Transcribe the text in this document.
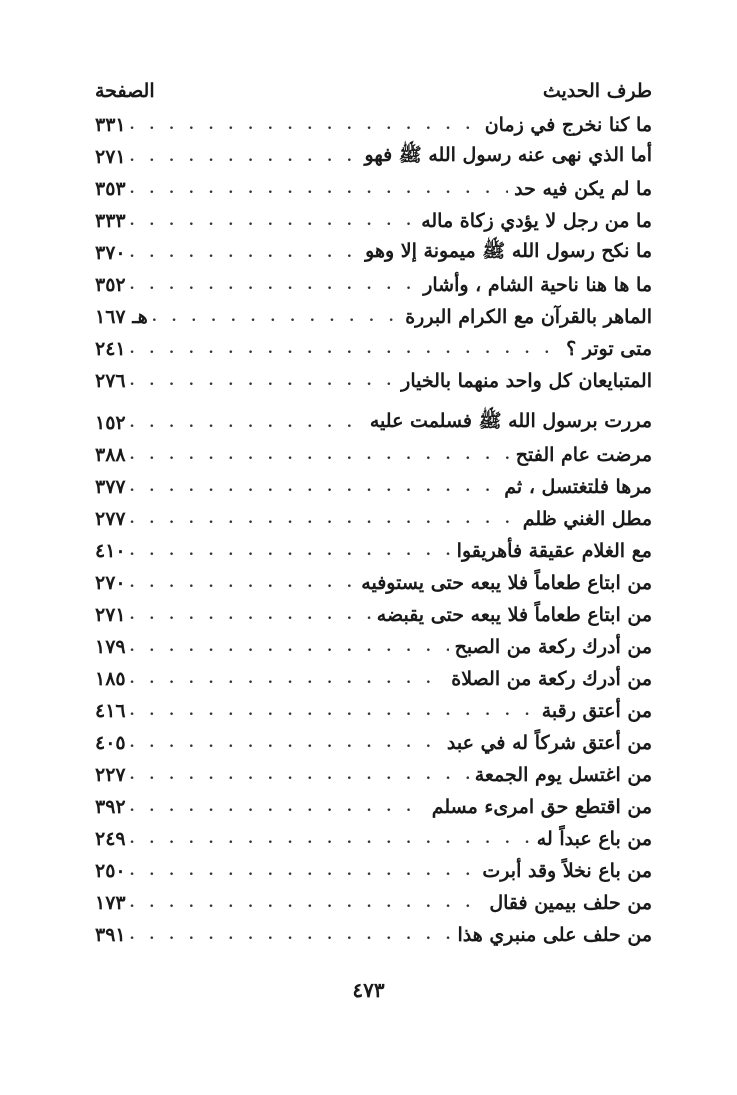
طرف الحديث
الصفحة
ما كنا نخرج في زمان
. . .
٣٣١
أما الذي نهى عنه رسول الله ﷺ فهو
. . .
٢٧١
ما لم يكن فيه حد
. . .
٣٥٣
ما من رجل لا يؤدي زكاة ماله
. . .
٣٣٣
ما نكح رسول الله ﷺ ميمونة إلا وهو
. . .
٣٧٠
ما ها هنا ناحية الشام ، وأشار
. . .
٣٥٢
الماهر بالقرآن مع الكرام البررة
. . .
هـ ١٦٧
متى توتر ؟
. . .
٢٤١
المتبايعان كل واحد منهما بالخيار
. . .
٢٧٦
مررت برسول الله ﷺ فسلمت عليه
. . .
١٥٢
مرضت عام الفتح
. . .
٣٨٨
مرها فلتغتسل ، ثم
. . .
٣٧٧
مطل الغني ظلم
. . .
٢٧٧
مع الغلام عقيقة فأهريقوا
. . .
٤١٠
من ابتاع طعاماً فلا يبعه حتى يستوفيه
. . .
٢٧٠
من ابتاع طعاماً فلا يبعه حتى يقبضه
. . .
٢٧١
من أدرك ركعة من الصبح
. . .
١٧٩
من أدرك ركعة من الصلاة
. . .
١٨٥
من أعتق رقبة
. . .
٤١٦
من أعتق شركاً له في عبد
. . .
٤٠٥
من اغتسل يوم الجمعة
. . .
٢٢٧
من اقتطع حق امرىء مسلم
. . .
٣٩٢
من باع عبداً له
. . .
٢٤٩
من باع نخلاً وقد أبرت
. . .
٢٥٠
من حلف بيمين فقال
. . .
١٧٣
من حلف على منبري هذا
. . .
٣٩١
٤٧٣
